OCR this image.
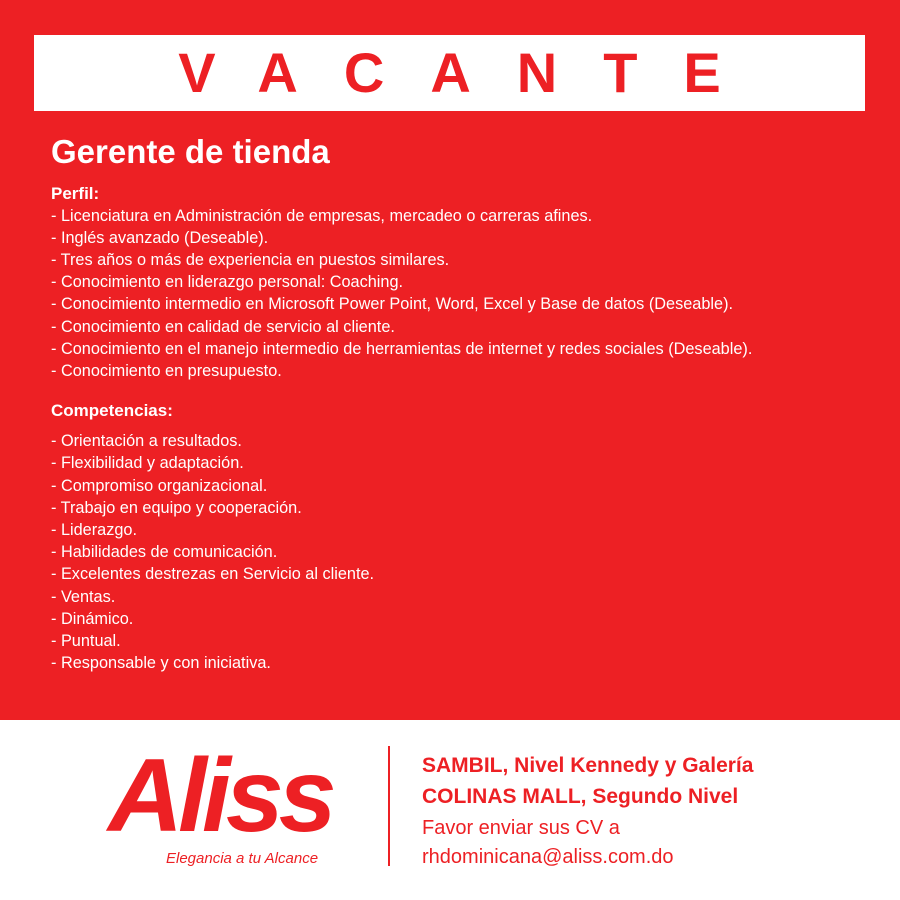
VACANTE
Gerente de tienda
Perfil:
- Licenciatura en Administración de empresas, mercadeo o carreras afines.
- Inglés avanzado (Deseable).
- Tres años o más de experiencia en puestos similares.
- Conocimiento en liderazgo personal: Coaching.
- Conocimiento intermedio en Microsoft Power Point, Word, Excel y Base de datos (Deseable).
- Conocimiento en calidad de servicio al cliente.
- Conocimiento en el manejo intermedio de herramientas de internet y redes sociales (Deseable).
- Conocimiento en presupuesto.
Competencias:
- Orientación a resultados.
- Flexibilidad y adaptación.
- Compromiso organizacional.
- Trabajo en equipo y cooperación.
- Liderazgo.
- Habilidades de comunicación.
- Excelentes destrezas en Servicio al cliente.
- Ventas.
- Dinámico.
- Puntual.
- Responsable y con iniciativa.
Aliss
Elegancia a tu Alcance
SAMBIL, Nivel Kennedy y Galería
COLINAS MALL, Segundo Nivel
Favor enviar sus CV a
rhdominicana@aliss.com.do
